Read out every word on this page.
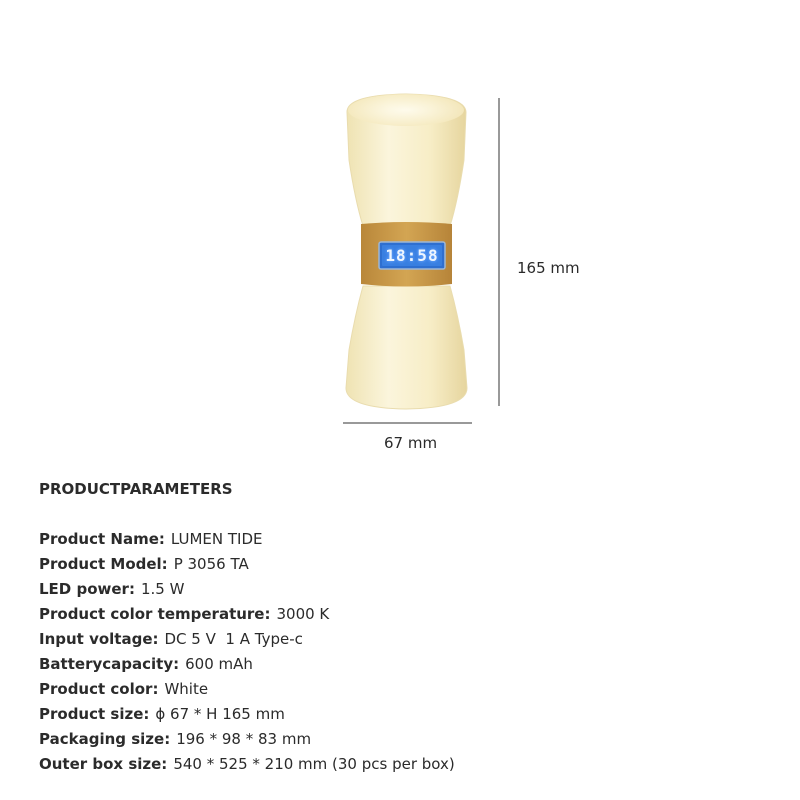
18:58
165 mm
67 mm
PRODUCTPARAMETERS
Product Name: LUMEN TIDE
Product Model: P 3056 TA
LED power: 1.5 W
Product color temperature: 3000 K
Input voltage: DC 5 V  1 A Type-c
Batterycapacity: 600 mAh
Product color: White
Product size: ϕ 67 * H 165 mm
Packaging size: 196 * 98 * 83 mm
Outer box size: 540 * 525 * 210 mm (30 pcs per box)
